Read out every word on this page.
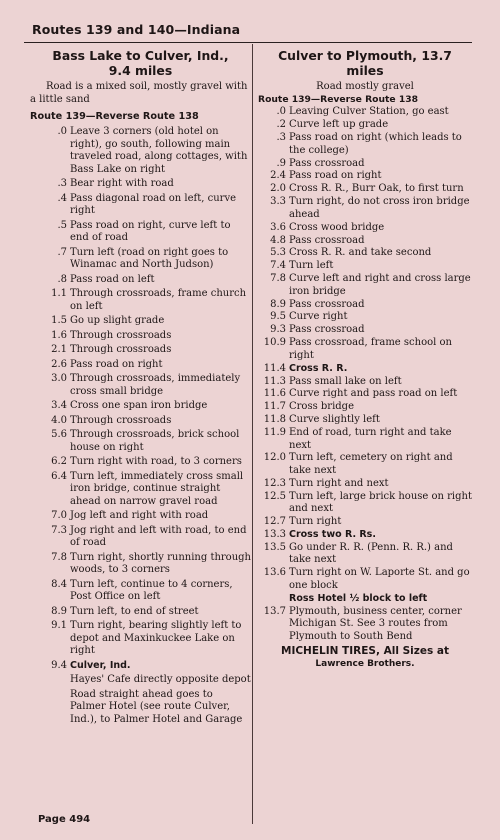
Routes 139 and 140—Indiana
Bass Lake to Culver, Ind.,
9.4 miles
Road is a mixed soil, mostly gravel with a little sand
Route 139—Reverse Route 138
.0 Leave 3 corners (old hotel on right), go south, following main traveled road, along cottages, with Bass Lake on right
.3 Bear right with road
.4 Pass diagonal road on left, curve right
.5 Pass road on right, curve left to end of road
.7 Turn left (road on right goes to Winamac and North Judson)
.8 Pass road on left
1.1 Through crossroads, frame church on left
1.5 Go up slight grade
1.6 Through crossroads
2.1 Through crossroads
2.6 Pass road on right
3.0 Through crossroads, immediately cross small bridge
3.4 Cross one span iron bridge
4.0 Through crossroads
5.6 Through crossroads, brick school house on right
6.2 Turn right with road, to 3 corners
6.4 Turn left, immediately cross small iron bridge, continue straight ahead on narrow gravel road
7.0 Jog left and right with road
7.3 Jog right and left with road, to end of road
7.8 Turn right, shortly running through woods, to 3 corners
8.4 Turn left, continue to 4 corners, Post Office on left
8.9 Turn left, to end of street
9.1 Turn right, bearing slightly left to depot and Maxinkuckee Lake on right
9.4 Culver, Ind.
Hayes' Cafe directly opposite depot
Road straight ahead goes to Palmer Hotel (see route Culver, Ind.), to Palmer Hotel and Garage
Culver to Plymouth, 13.7 miles
Road mostly gravel
Route 139—Reverse Route 138
.0 Leaving Culver Station, go east
.2 Curve left up grade
.3 Pass road on right (which leads to the college)
.9 Pass crossroad
2.4 Pass road on right
2.0 Cross R. R., Burr Oak, to first turn
3.3 Turn right, do not cross iron bridge ahead
3.6 Cross wood bridge
4.8 Pass crossroad
5.3 Cross R. R. and take second
7.4 Turn left
7.8 Curve left and right and cross large iron bridge
8.9 Pass crossroad
9.5 Curve right
9.3 Pass crossroad
10.9 Pass crossroad, frame school on right
11.4 Cross R. R.
11.3 Pass small lake on left
11.6 Curve right and pass road on left
11.7 Cross bridge
11.8 Curve slightly left
11.9 End of road, turn right and take next
12.0 Turn left, cemetery on right and take next
12.3 Turn right and next
12.5 Turn left, large brick house on right and next
12.7 Turn right
13.3 Cross two R. Rs.
13.5 Go under R. R. (Penn. R. R.) and take next
13.6 Turn right on W. Laporte St. and go one block
Ross Hotel ½ block to left
13.7 Plymouth, business center, corner Michigan St. See 3 routes from Plymouth to South Bend
MICHELIN TIRES, All Sizes at
Lawrence Brothers.
Page 494
